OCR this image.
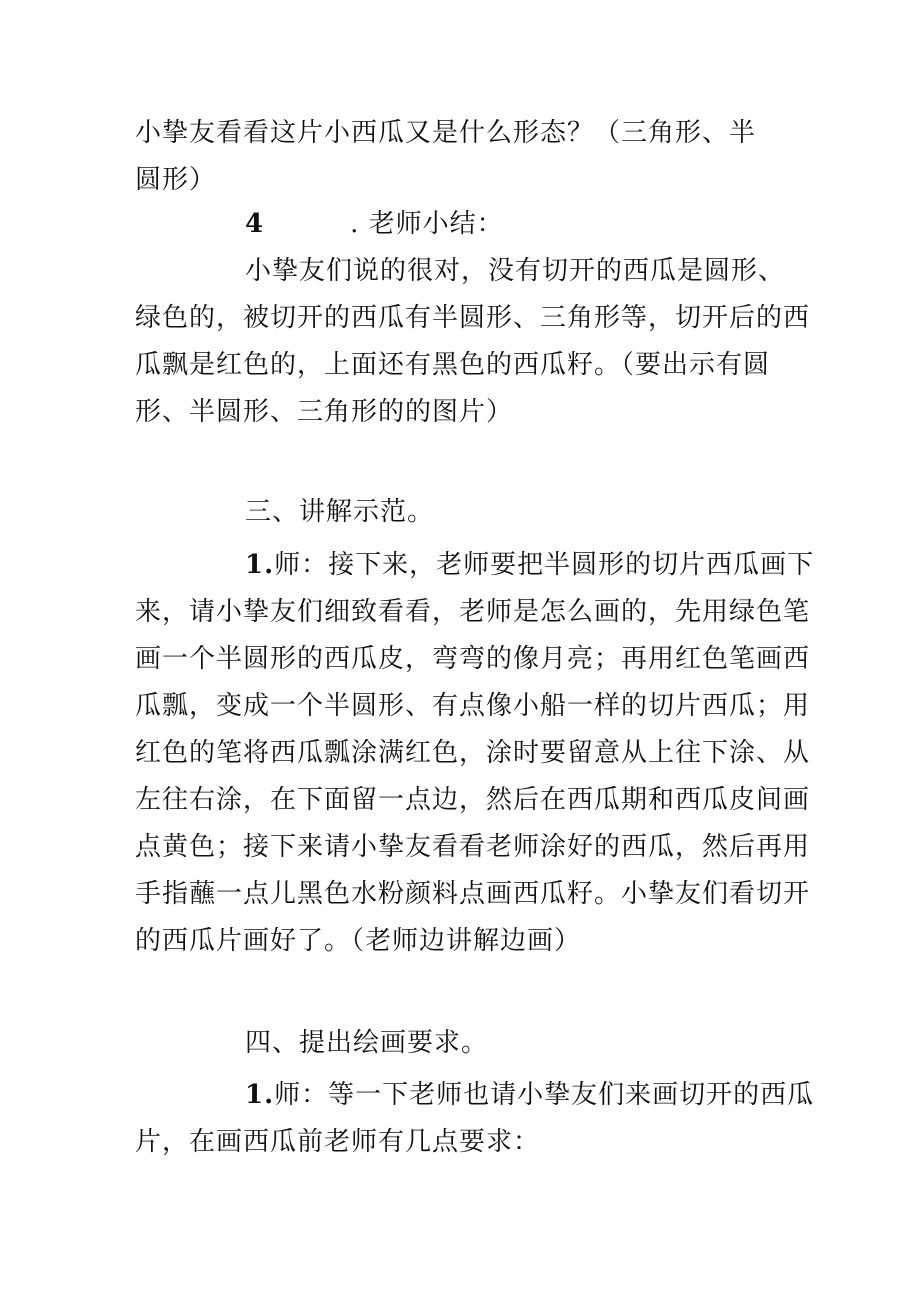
小挚友看看这片小西瓜又是什么形态？（三角形、半
圆形）
4	. 老师小结：
小挚友们说的很对，没有切开的西瓜是圆形、
绿色的，被切开的西瓜有半圆形、三角形等，切开后的西
瓜飘是红色的，上面还有黑色的西瓜籽。（要出示有圆
形、半圆形、三角形的的图片）
三、讲解示范。
1.师：接下来，老师要把半圆形的切片西瓜画下
来，请小挚友们细致看看，老师是怎么画的，先用绿色笔
画一个半圆形的西瓜皮，弯弯的像月亮；再用红色笔画西
瓜瓢，变成一个半圆形、有点像小船一样的切片西瓜；用
红色的笔将西瓜瓢涂满红色，涂时要留意从上往下涂、从
左往右涂，在下面留一点边，然后在西瓜期和西瓜皮间画
点黄色；接下来请小挚友看看老师涂好的西瓜，然后再用
手指蘸一点儿黑色水粉颜料点画西瓜籽。小挚友们看切开
的西瓜片画好了。（老师边讲解边画）
四、提出绘画要求。
1.师：等一下老师也请小挚友们来画切开的西瓜
片，在画西瓜前老师有几点要求：
